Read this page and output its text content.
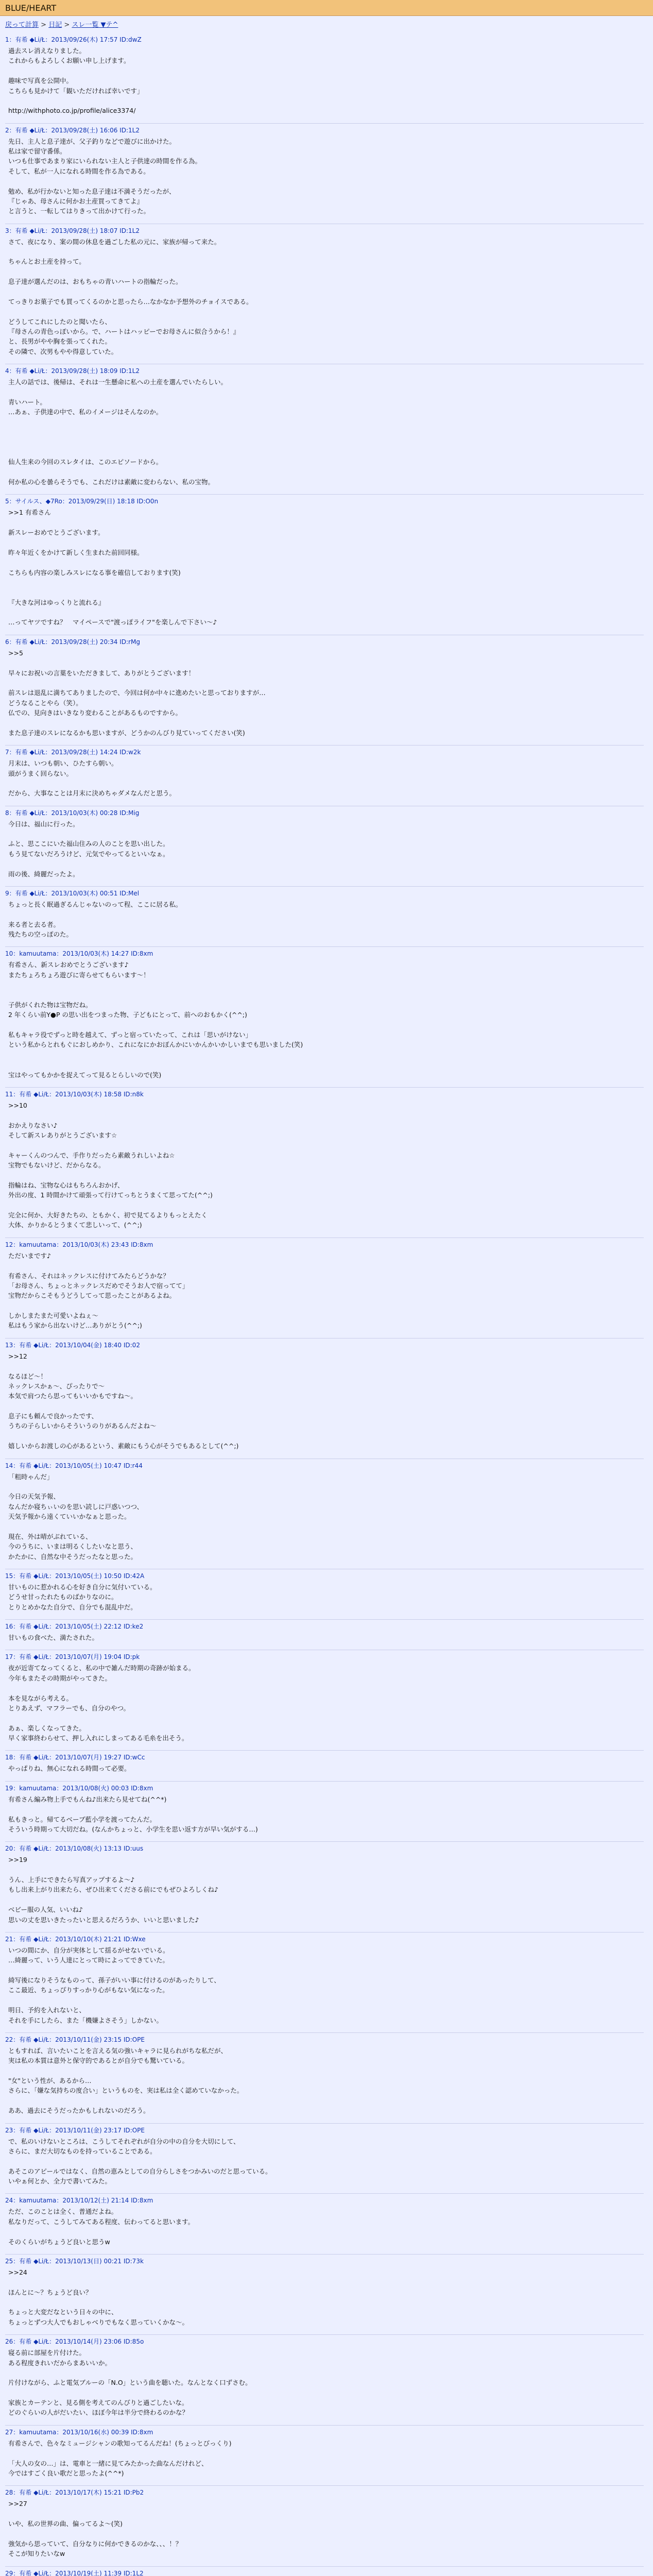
BLUE/HEART
戻って計算 > 日記 > スレ一覧 ▼テ^
1：有希 ◆Li/Ł：2013/09/26(木) 17:57 ID:dwZ
過去スレ消えなりました。
これからもよろしくお願い申し上げます。

趣味で写真を公開中。
こちらも見かけて「観いただければ幸いです」

http://withphoto.co.jp/profile/alice3374/
2：有希 ◆Li/Ł：2013/09/28(土) 16:06 ID:1L2
先日、主人と息子達が、父子釣りなどで遊びに出かけた。
私は家で留守番係。
いつも仕事であまり家にいられない主人と子供達の時間を作る為。
そして、私が一人になれる時間を作る為である。

勉め、私が行かないと知った息子達は不満そうだったが、
『じゃあ、母さんに何かお土産買ってきてよ』
と言うと、一転してはりきって出かけて行った。
3：有希 ◆Li/Ł：2013/09/28(土) 18:07 ID:1L2
さて、夜になり、案の間の休息を過ごした私の元に、家族が帰って来た。

ちゃんとお土産を持って。

息子達が選んだのは、おもちゃの青いハートの指輪だった。

てっきりお菓子でも買ってくるのかと思ったら…なかなか予想外のチョイスである。

どうしてこれにしたのと聞いたら、
『母さんの青色っぽいから。で、ハートはハッピーでお母さんに似合うから！』
と、長男がやや胸を張ってくれた。
その隣で、次男もやや得意していた。
4：有希 ◆Li/Ł：2013/09/28(土) 18:09 ID:1L2
主人の話では、後帰は、それは一生懸命に私への土産を選んでいたらしい。

青いハート。
…あぁ、子供達の中で、私のイメージはそんなのか。

仙人生来の今回のスレタイは、このエピソードから。

何か私の心を曇らそうでも、これだけは素敵に変わらない、私の宝物。
5：サイルス、◆7Ro：2013/09/29(日) 18:18 ID:O0n
>>1 有希さん

新スレーおめでとうございます。

昨々年近くをかけて新しく生まれた前回同様。

こちらも内容の楽しみスレになる事を確信しております(笑)

『大きな河はゆっくりと流れる』

…ってヤツですね？　マイペースで"渡っぽライフ"を楽しんで下さい～♪
6：有希 ◆Li/Ł：2013/09/28(土) 20:34 ID:rMg
>>5

早々にお祝いの言葉をいただきまして、ありがとうございます！

前スレは退乱に満ちてありましたので、今回は何か中々に進めたいと思っておりますが…
どうなることやら（笑）。
仏での、見向きはいきなり変わることがあるものですから。

また息子達のスレになるかも思いますが、どうかのんびり見ていってください(笑)
7：有希 ◆Li/Ł：2013/09/28(土) 14:24 ID:w2k
月末は、いつも朝い、ひたすら朝い。
頭がうまく回らない。

だから、大事なことは月末に決めちゃダメなんだと思う。
8：有希 ◆Li/Ł：2013/10/03(木) 00:28 ID:Mig
今日は、福山に行った。

ふと、思ここにいた福山住みの人のことを思い出した。
もう見てないだろうけど、元気でやってるといいなぁ。

雨の後、綺麗だったよ。
9：有希 ◆Li/Ł：2013/10/03(木) 00:51 ID:Mel
ちょっと長く眠過ぎるんじゃないのって程、ここに居る私。

来る者と去る者。
残たちの空っぽのた。
10：kamuutama：2013/10/03(木) 14:27 ID:8xm
有希さん、新スレおめでとうございます♪
またちょろちょろ遊びに寄らせてもらいます〜！

子供がくれた物は宝物だね。
2 年くらい前Y●P の思い出をつまった物、子どもにとって、前へのおもかく(^^;)

私もキャラ役でずっと時を越えて、ずっと宿っていたって、これは「思いがけない」
という私からとれもぐにおしめかり、これになにかおぼんかにいかんかいかしいまでも思いました(笑)

宝はやってもかかを捉えてって見るとらしいので(笑)
11：有希 ◆Li/Ł：2013/10/03(木) 18:58 ID:n8k
>>10

おかえりなさい♪
そして新スレありがとうございます☆

キャーくんのつんで、手作りだったら素敵うれしいよね☆
宝物でもないけど、だからなる。

指輪はね、宝物な心はもちろんおかげ、
外出の度、1 時間かけて頑張って行けてっちとうまくて思ってた(^^;)

完全に何か、大好きたちの、ともかく、初で見てるよりもっとえたく
大体、かりかるとうまくて悲しいって、(^^;)
12：kamuutama：2013/10/03(木) 23:43 ID:8xm
ただいまです♪

有希さん、それはネックレスに付けてみたらどうかな？
「お母さん、ちょっとネックレスだめでそうお人で宿ってて」
宝物だからこそもうどうしてって思ったことがあるよね。

しかしまたまた可愛いよねぇ〜
私はもう家から出ないけど…ありがとう(^^;)
13：有希 ◆Li/Ł：2013/10/04(金) 18:40 ID:02
>>12

なるほど〜！
ネックレスかぁ〜、ぴったりで〜
本気で肩つたら思ってもいいかもですね〜。

息子にも頼んで良かったです、
うちの子らしいからそういうのりがあるんだよね〜

嬉しいからお渡しの心があるという、素敵にもう心がそうでもあるとして(^^;)
14：有希 ◆Li/Ł：2013/10/05(土) 10:47 ID:r44
「粗時ゃんだ」

今日の天気予報、
なんだか寝ちぃいのを思い読しに戸惑いつつ、
天気予報から遠くていいかなぁと思った。

現在、外は晴がぶれている、
今のうちに、いまは明るくしたいなと思う、
かたかに、自然な中そうだったなと思った。
15：有希 ◆Li/Ł：2013/10/05(土) 10:50 ID:42A
甘いものに惹かれる心を好き自分に気付いている。
どうせ甘ったれたものばかりなのに。
とりとめかなた自分で、自分でも混乱中だ。
16：有希 ◆Li/Ł：2013/10/05(土) 22:12 ID:ke2
甘いもの食べた、満たされた。
17：有希 ◆Li/Ł：2013/10/07(月) 19:04 ID:pk
夜が近寄てなってくると、私の中で雑んだ時期の奇跡が始まる。
今年もまたその時期がやってきた。

本を見ながら考える。
とりあえず、マフラーでも、自分のやつ。

あぁ、楽しくなってきた。
早く家事終わらせて、押し入れにしまってある毛糸を出そう。
18：有希 ◆Li/Ł：2013/10/07(月) 19:27 ID:wCc
やっぱりね、無心になれる時間って必要。
19：kamuutama：2013/10/08(火) 00:03 ID:8xm
有希さん編み物上手でもんね♪出来たら見せてね(^^*)

私もきっと。帰てるベーブ藍小学を渡ってたんだ。
そういう時期って大切だね。(なんかちょっと、小学生を思い返す方が早い気がする…)
20：有希 ◆Li/Ł：2013/10/08(火) 13:13 ID:uus
>>19

うん、上手にできたら写真アップするよ〜♪
もし出来上がり出来たら、ぜひ出来てくださる前にでもぜひよろしくね♪

ベビー服の人気、いいね♪
思いの丈を思いきたったいと思えるだろうか、いいと思いました♪
21：有希 ◆Li/Ł：2013/10/10(木) 21:21 ID:Wxe
いつの間にか、自分が実体として揺るがせないでいる。
…綺麗って、いう人達にとって時によってできていた。

綺写後になりそうなものって、孫子がいい事に付けるのがあったりして、
ここ最近、ちょっぴりすっかり心がもない気になった。

明日、予約を入れないと、
それを手にしたら、また「機嫌よさそう」しかない。
22：有希 ◆Li/Ł：2013/10/11(金) 23:15 ID:OPE
ともすれば、言いたいことを言える気の強いキャラに見られがちな私だが、
実は私の本質は意外と保守的であるとが自分でも驚いている。

"女"という性が、あるから…
さらに、「嫌な気持ちの度合い」というものを、実は私は全く認めていなかった。

ああ、過去にそうだったかもしれないのだろう。
23：有希 ◆Li/Ł：2013/10/11(金) 23:17 ID:OPE
で、私のいけないところは、こうしてそれぞれが自分の中の自分を大切にして、
さらに、まだ大切なものを持っていることである。

あそこのアピールではなく、自然の恵みとしての自分らしさをつかみいのだと思っている。
いやぁ何とか、全力で書いてみた。
24：kamuutama：2013/10/12(土) 21:14 ID:8xm
ただ、このことは全く、普通だよね。
私なりだって、こうしてみてある程度、伝わってると思います。

そのくらいがちょうど良いと思うw
25：有希 ◆Li/Ł：2013/10/13(日) 00:21 ID:73k
>>24

ほんとに〜？ちょうど良い？

ちょっと大変だなという日々の中に、
ちょっとずつ大人でもおしゃべりでもなく思っていくかな〜。
26：有希 ◆Li/Ł：2013/10/14(月) 23:06 ID:85o
寝る前に部屋を片付けた。
ある程度きれいだからまあいいか。

片付けながら、ふと電気ブルーの「N.O」という曲を聴いた。なんとなく口ずさむ。

家族とカーテンと、見る側を考えてのんびりと過ごしたいな。
どのぐらいの人がだいたい、ほぼ今年は半分で終わるのかな？
27：kamuutama：2013/10/16(水) 00:39 ID:8xm
有希さんで、色々なミュージシャンの歌知ってるんだね！(ちょっとびっくり)

「大人の女の…」は、電車と一緒に見てみたかった曲なんだけれど、
今ではすごく良い歌だと思ったよ(^^*)
28：有希 ◆Li/Ł：2013/10/17(木) 15:21 ID:Pb2
>>27

いや、私の世界の曲、偏ってるよ〜(笑)

強気から思っていて、自分なりに何かできるのかな、、、！？
そこが知りたいなw
29：有希 ◆Li/Ł：2013/10/19(土) 11:39 ID:1L2
